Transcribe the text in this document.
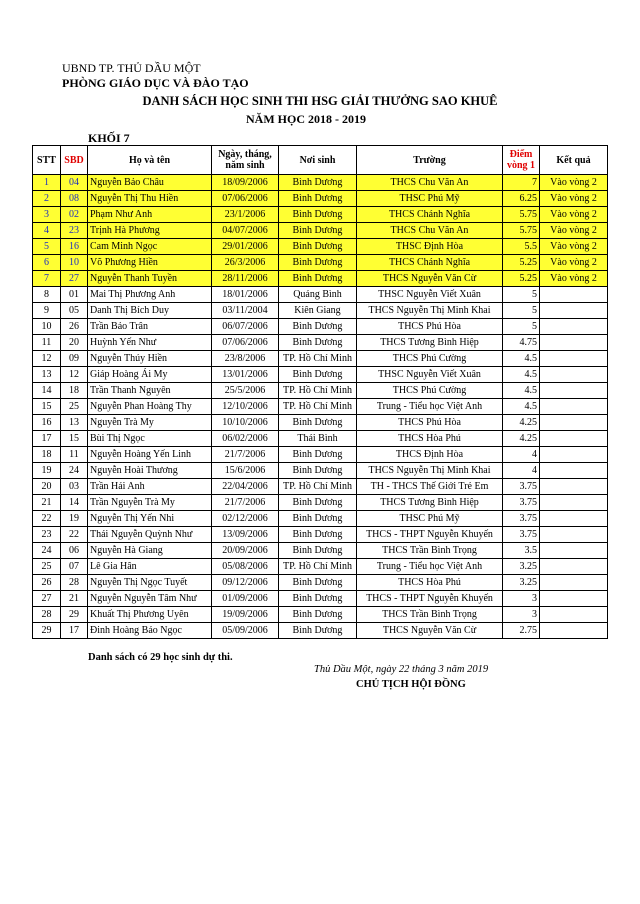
UBND TP. THỦ DẦU MỘT
PHÒNG GIÁO DỤC VÀ ĐÀO TẠO
DANH SÁCH HỌC SINH THI HSG GIẢI THƯỞNG SAO KHUÊ
NĂM HỌC 2018 - 2019
KHỐI 7
STT	SBD	Họ và tên	Ngày, tháng,
năm sinh	Nơi sinh	Trường	Điểm
vòng 1	Kết quả
1	04	Nguyễn Bảo Châu	18/09/2006	Bình Dương	THCS Chu Văn An	7	Vào vòng 2
2	08	Nguyễn Thị Thu Hiền	07/06/2006	Bình Dương	THSC Phú Mỹ	6.25	Vào vòng 2
3	02	Phạm Như Anh	23/1/2006	Bình Dương	THCS Chánh Nghĩa	5.75	Vào vòng 2
4	23	Trịnh Hà Phương	04/07/2006	Bình Dương	THCS Chu Văn An	5.75	Vào vòng 2
5	16	Cam Minh Ngọc	29/01/2006	Bình Dương	THSC Định Hòa	5.5	Vào vòng 2
6	10	Võ Phương Hiền	26/3/2006	Bình Dương	THCS Chánh Nghĩa	5.25	Vào vòng 2
7	27	Nguyễn Thanh Tuyền	28/11/2006	Bình Dương	THCS Nguyễn Văn Cừ	5.25	Vào vòng 2
8	01	Mai Thị Phương Anh	18/01/2006	Quảng Bình	THSC Nguyễn Viết Xuân	5	
9	05	Danh Thị Bích Duy	03/11/2004	Kiên Giang	THCS Nguyễn Thị Minh Khai	5	
10	26	Trần Bảo Trân	06/07/2006	Bình Dương	THCS Phú Hòa	5	
11	20	Huỳnh Yến Như	07/06/2006	Bình Dương	THCS Tương Bình Hiệp	4.75	
12	09	Nguyễn Thúy Hiền	23/8/2006	TP. Hồ Chí Minh	THCS Phú Cường	4.5	
13	12	Giáp Hoàng Ái My	13/01/2006	Bình Dương	THSC Nguyễn Viết Xuân	4.5	
14	18	Trần Thanh Nguyên	25/5/2006	TP. Hồ Chí Minh	THCS Phú Cường	4.5	
15	25	Nguyễn Phan Hoàng Thy	12/10/2006	TP. Hồ Chí Minh	Trung - Tiểu học Việt Anh	4.5	
16	13	Nguyễn Trà My	10/10/2006	Bình Dương	THCS Phú Hòa	4.25	
17	15	Bùi Thị Ngọc	06/02/2006	Thái Bình	THCS Hòa Phú	4.25	
18	11	Nguyễn Hoàng Yến Linh	21/7/2006	Bình Dương	THCS Định Hòa	4	
19	24	Nguyễn Hoài Thương	15/6/2006	Bình Dương	THCS Nguyễn Thị Minh Khai	4	
20	03	Trần Hải Anh	22/04/2006	TP. Hồ Chí Minh	TH - THCS Thế Giới Trẻ Em	3.75	
21	14	Trần Nguyễn Trà My	21/7/2006	Bình Dương	THCS Tương Bình Hiệp	3.75	
22	19	Nguyễn Thị Yến Nhi	02/12/2006	Bình Dương	THSC Phú Mỹ	3.75	
23	22	Thái Nguyễn Quỳnh Như	13/09/2006	Bình Dương	THCS - THPT Nguyễn Khuyến	3.75	
24	06	Nguyễn Hà Giang	20/09/2006	Bình Dương	THCS Trần Bình Trọng	3.5	
25	07	Lê Gia Hân	05/08/2006	TP. Hồ Chí Minh	Trung - Tiểu học Việt Anh	3.25	
26	28	Nguyễn Thị Ngọc Tuyết	09/12/2006	Bình Dương	THCS Hòa Phú	3.25	
27	21	Nguyễn Nguyễn Tâm Như	01/09/2006	Bình Dương	THCS - THPT Nguyễn Khuyến	3	
28	29	Khuất Thị Phương Uyên	19/09/2006	Bình Dương	THCS Trần Bình Trọng	3	
29	17	Đinh Hoàng Bảo Ngọc	05/09/2006	Bình Dương	THCS Nguyễn Văn Cừ	2.75	
Danh sách có 29 học sinh dự thi.
Thủ Dầu Một, ngày 22 tháng 3 năm 2019
CHỦ TỊCH HỘI ĐỒNG
